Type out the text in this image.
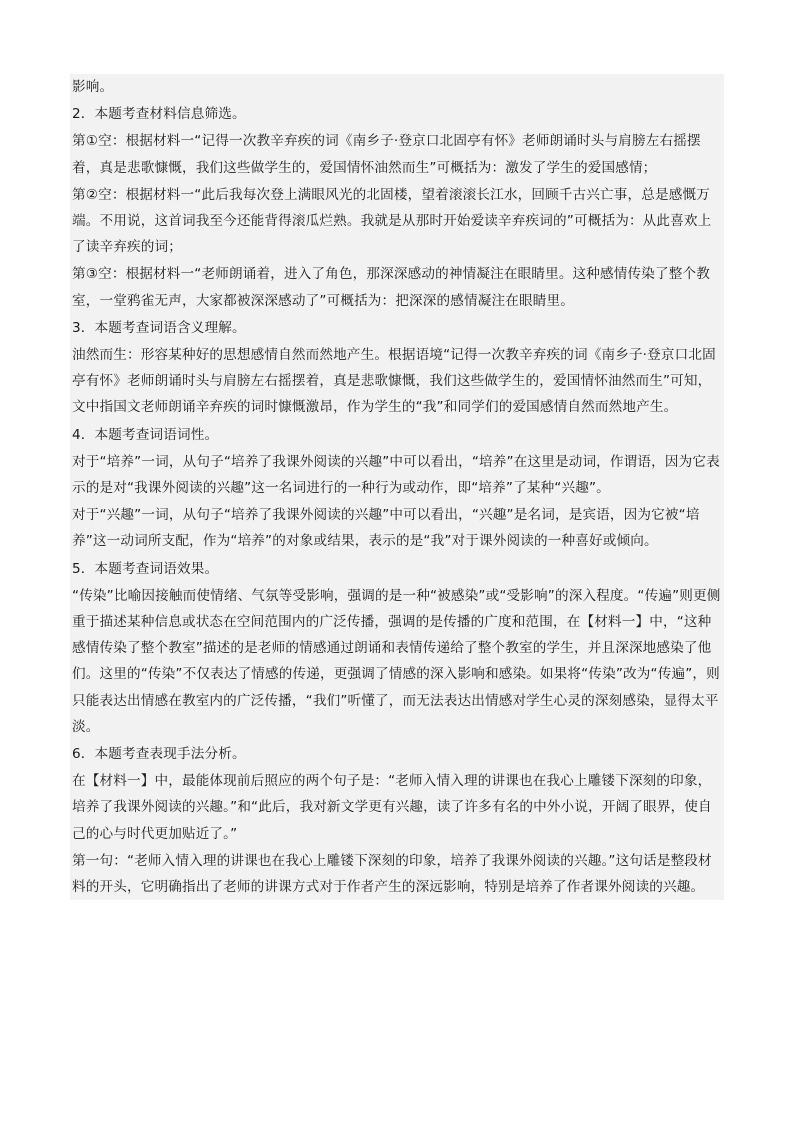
影响。

2．本题考查材料信息筛选。

第①空：根据材料一“记得一次教辛弃疾的词《南乡子·登京口北固亭有怀》老师朗诵时头与肩膀左右摇摆着，真是悲歌慷慨，我们这些做学生的，爱国情怀油然而生”可概括为：激发了学生的爱国感情；

第②空：根据材料一“此后我每次登上满眼风光的北固楼，望着滚滚长江水，回顾千古兴亡事，总是感慨万端。不用说，这首词我至今还能背得滚瓜烂熟。我就是从那时开始爱读辛弃疾词的”可概括为：从此喜欢上了读辛弃疾的词；

第③空：根据材料一“老师朗诵着，进入了角色，那深深感动的神情凝注在眼睛里。这种感情传染了整个教室，一堂鸦雀无声，大家都被深深感动了”可概括为：把深深的感情凝注在眼睛里。

3．本题考查词语含义理解。

油然而生：形容某种好的思想感情自然而然地产生。根据语境“记得一次教辛弃疾的词《南乡子·登京口北固亭有怀》老师朗诵时头与肩膀左右摇摆着，真是悲歌慷慨，我们这些做学生的，爱国情怀油然而生”可知，文中指国文老师朗诵辛弃疾的词时慷慨激昂，作为学生的“我”和同学们的爱国感情自然而然地产生。

4．本题考查词语词性。

对于“培养”一词，从句子“培养了我课外阅读的兴趣”中可以看出，“培养”在这里是动词，作谓语，因为它表示的是对“我课外阅读的兴趣”这一名词进行的一种行为或动作，即“培养”了某种“兴趣”。

对于“兴趣”一词，从句子“培养了我课外阅读的兴趣”中可以看出，“兴趣”是名词，是宾语，因为它被“培养”这一动词所支配，作为“培养”的对象或结果，表示的是“我”对于课外阅读的一种喜好或倾向。

5．本题考查词语效果。

“传染”比喻因接触而使情绪、气氛等受影响，强调的是一种“被感染”或“受影响”的深入程度。“传遍”则更侧重于描述某种信息或状态在空间范围内的广泛传播，强调的是传播的广度和范围，在【材料一】中，“这种感情传染了整个教室”描述的是老师的情感通过朗诵和表情传递给了整个教室的学生，并且深深地感染了他们。这里的“传染”不仅表达了情感的传递，更强调了情感的深入影响和感染。如果将“传染”改为“传遍”，则只能表达出情感在教室内的广泛传播，“我们”听懂了，而无法表达出情感对学生心灵的深刻感染，显得太平淡。

6．本题考查表现手法分析。

在【材料一】中，最能体现前后照应的两个句子是：“老师入情入理的讲课也在我心上雕镂下深刻的印象，培养了我课外阅读的兴趣。”和“此后，我对新文学更有兴趣，读了许多有名的中外小说，开阔了眼界，使自己的心与时代更加贴近了。”

第一句：“老师入情入理的讲课也在我心上雕镂下深刻的印象，培养了我课外阅读的兴趣。”这句话是整段材料的开头，它明确指出了老师的讲课方式对于作者产生的深远影响，特别是培养了作者课外阅读的兴趣。
